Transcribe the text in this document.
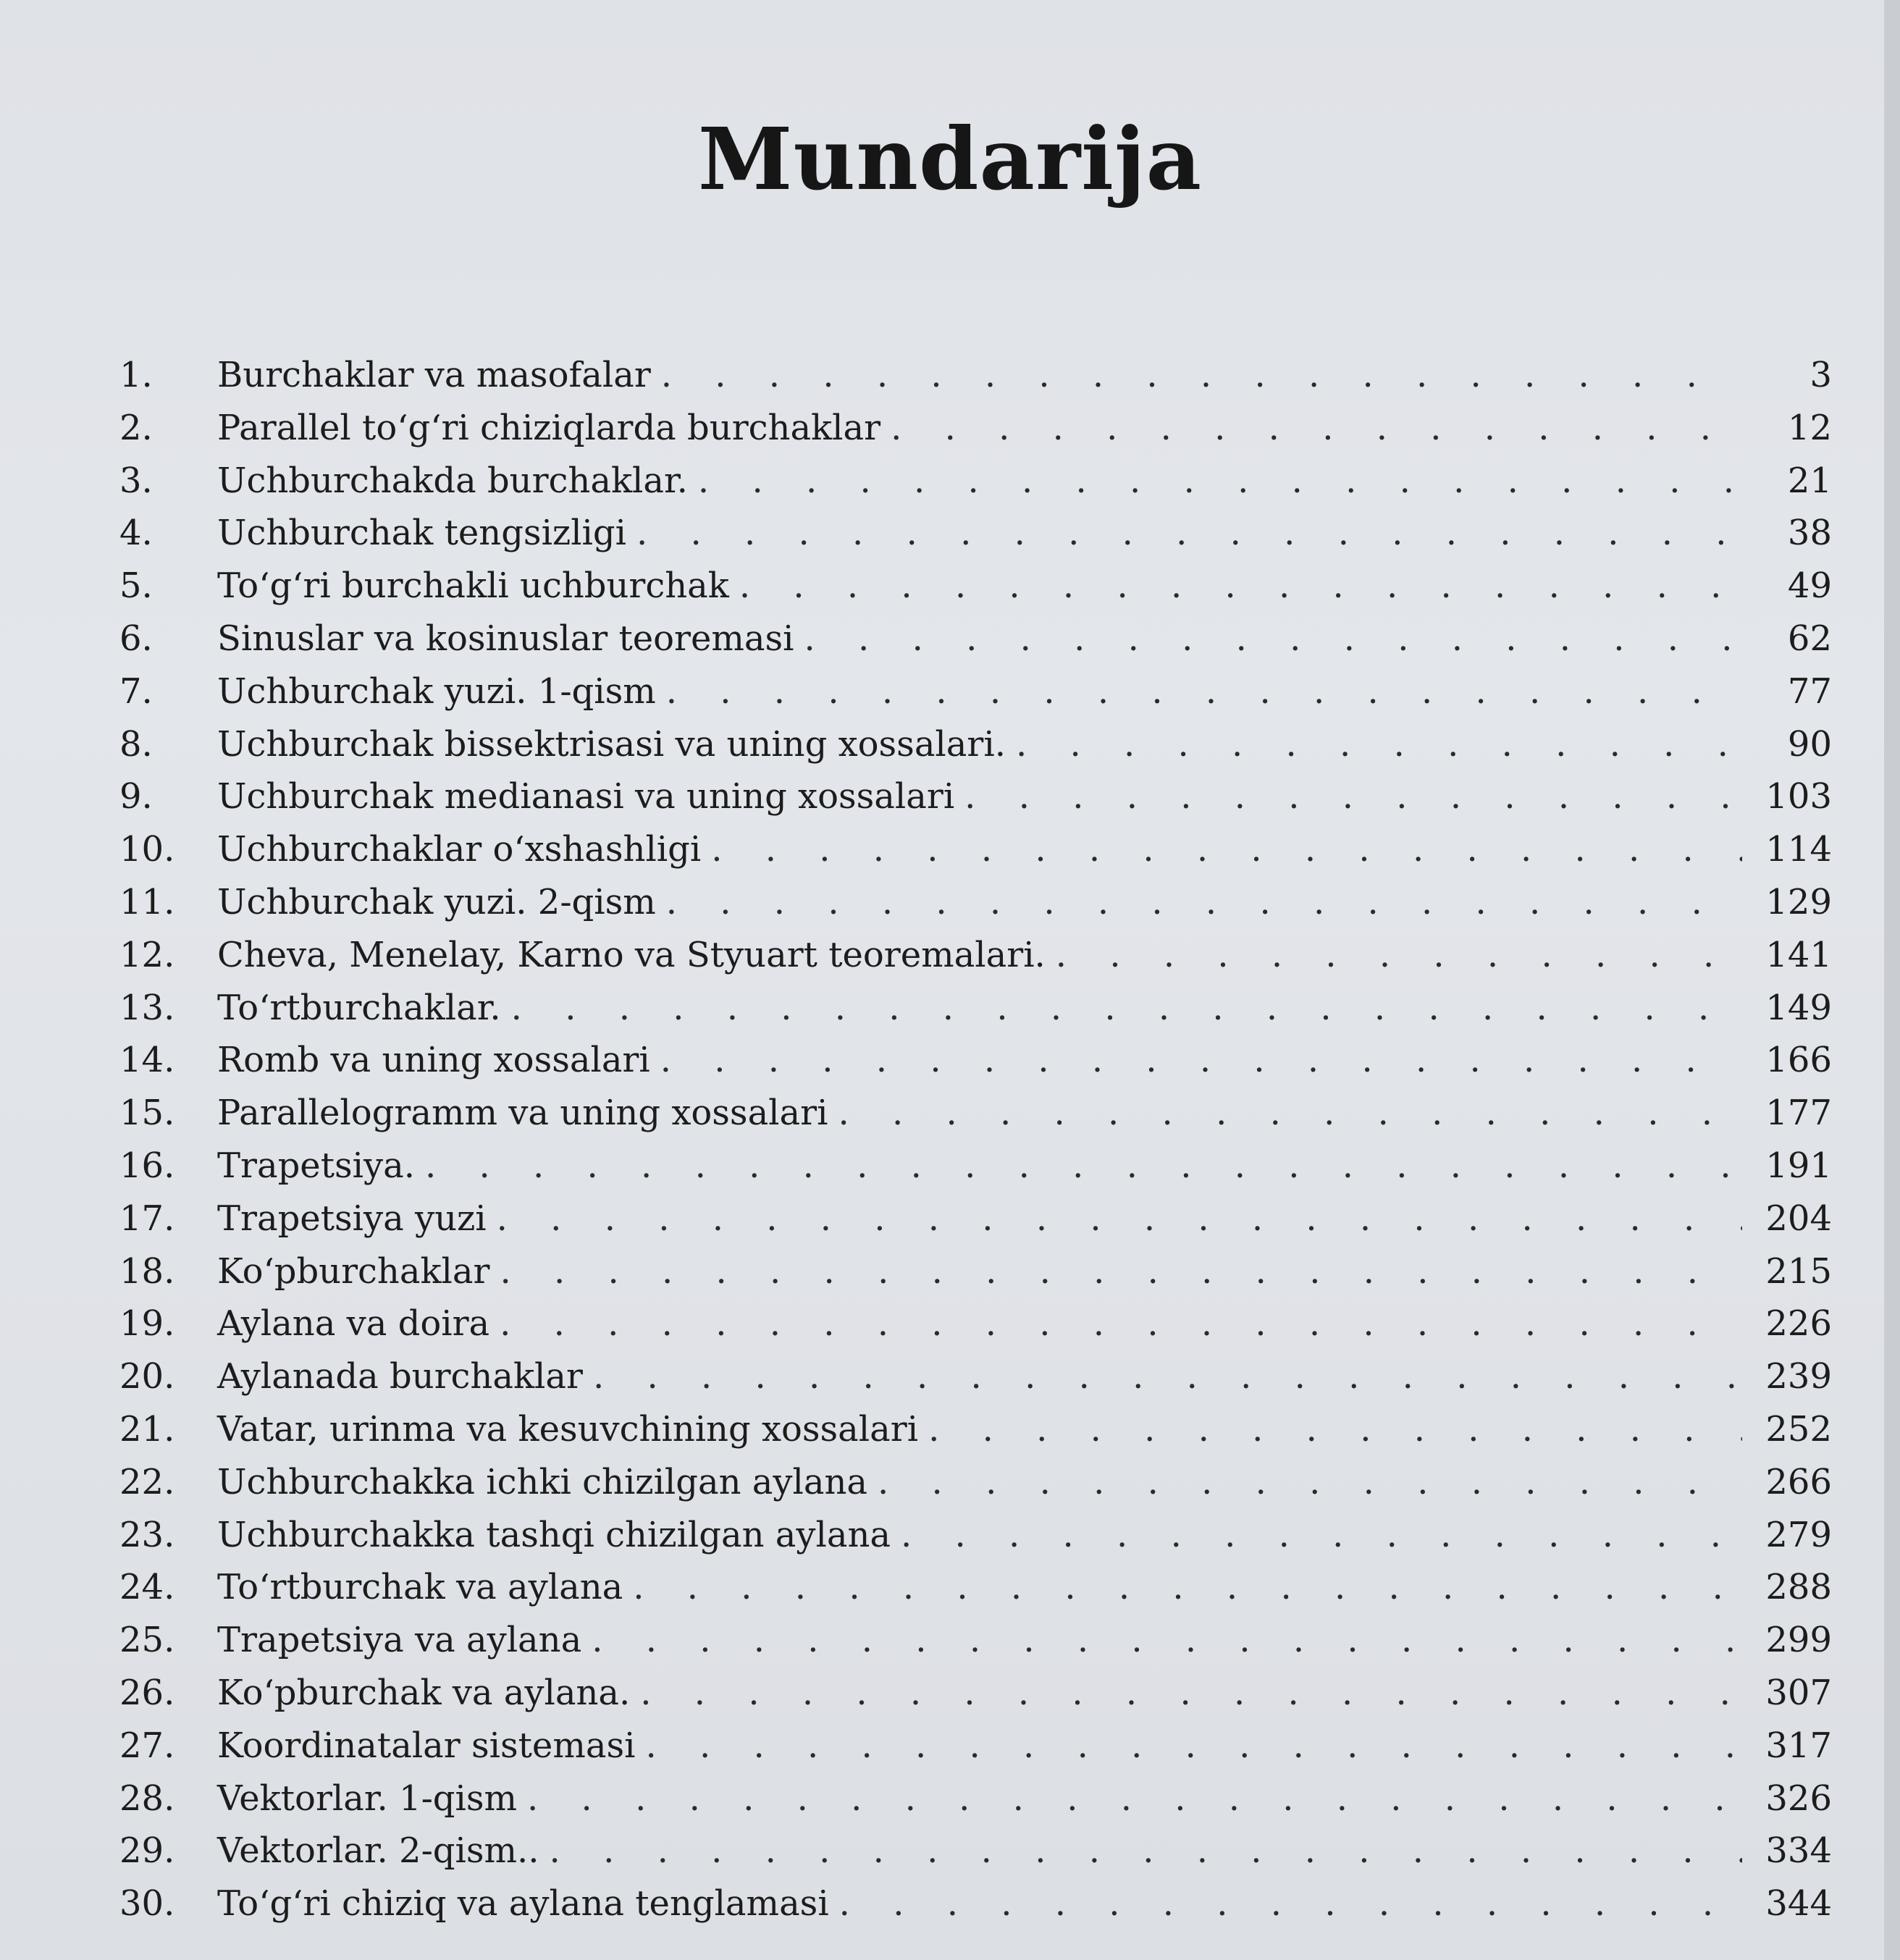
Mundarija
1.	Burchaklar va masofalar . . .	3
2.	Parallel to‘g‘ri chiziqlarda burchaklar . . .	12
3.	Uchburchakda burchaklar. . . .	21
4.	Uchburchak tengsizligi . . .	38
5.	To‘g‘ri burchakli uchburchak . . .	49
6.	Sinuslar va kosinuslar teoremasi . . .	62
7.	Uchburchak yuzi. 1-qism . . .	77
8.	Uchburchak bissektrisasi va uning xossalari. . . .	90
9.	Uchburchak medianasi va uning xossalari . . .	103
10.	Uchburchaklar o‘xshashligi . . .	114
11.	Uchburchak yuzi. 2-qism . . .	129
12.	Cheva, Menelay, Karno va Styuart teoremalari. . . .	141
13.	To‘rtburchaklar. . . .	149
14.	Romb va uning xossalari . . .	166
15.	Parallelogramm va uning xossalari . . .	177
16.	Trapetsiya. . . .	191
17.	Trapetsiya yuzi . . .	204
18.	Ko‘pburchaklar . . .	215
19.	Aylana va doira . . .	226
20.	Aylanada burchaklar . . .	239
21.	Vatar, urinma va kesuvchining xossalari . . .	252
22.	Uchburchakka ichki chizilgan aylana . . .	266
23.	Uchburchakka tashqi chizilgan aylana . . .	279
24.	To‘rtburchak va aylana . . .	288
25.	Trapetsiya va aylana . . .	299
26.	Ko‘pburchak va aylana. . . .	307
27.	Koordinatalar sistemasi . . .	317
28.	Vektorlar. 1-qism . . .	326
29.	Vektorlar. 2-qism.. . . .	334
30.	To‘g‘ri chiziq va aylana tenglamasi . . .	344
